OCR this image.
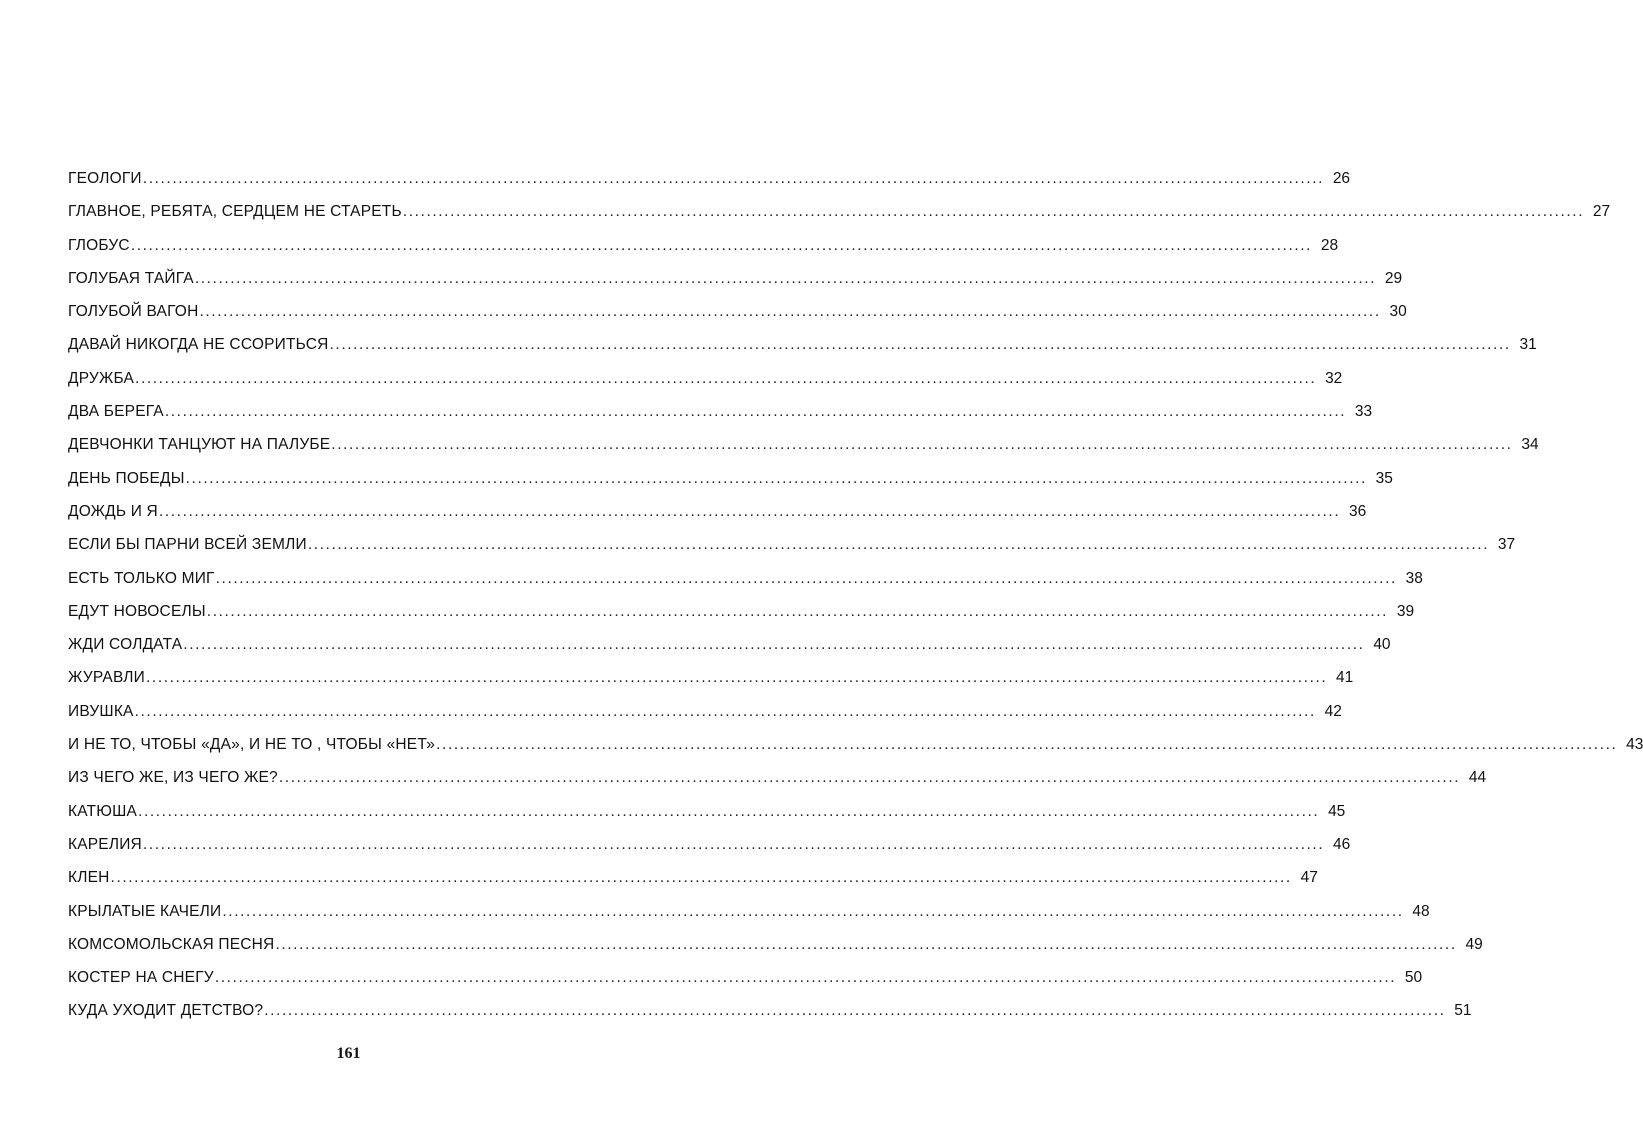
ГЕОЛОГИ ........................................................................................................................................................................................................ 26
ГЛАВНОЕ, РЕБЯТА, СЕРДЦЕМ НЕ СТАРЕТЬ ........................................................................................................................................................................................................ 27
ГЛОБУС ........................................................................................................................................................................................................ 28
ГОЛУБАЯ ТАЙГА ........................................................................................................................................................................................................ 29
ГОЛУБОЙ ВАГОН ........................................................................................................................................................................................................ 30
ДАВАЙ НИКОГДА НЕ ССОРИТЬСЯ ........................................................................................................................................................................................................ 31
ДРУЖБА ........................................................................................................................................................................................................ 32
ДВА БЕРЕГА ........................................................................................................................................................................................................ 33
ДЕВЧОНКИ ТАНЦУЮТ НА ПАЛУБЕ ........................................................................................................................................................................................................ 34
ДЕНЬ ПОБЕДЫ ........................................................................................................................................................................................................ 35
ДОЖДЬ И Я ........................................................................................................................................................................................................ 36
ЕСЛИ БЫ ПАРНИ ВСЕЙ ЗЕМЛИ ........................................................................................................................................................................................................ 37
ЕСТЬ ТОЛЬКО МИГ ........................................................................................................................................................................................................ 38
ЕДУТ НОВОСЕЛЫ ........................................................................................................................................................................................................ 39
ЖДИ СОЛДАТА ........................................................................................................................................................................................................ 40
ЖУРАВЛИ ........................................................................................................................................................................................................ 41
ИВУШКА ........................................................................................................................................................................................................ 42
И НЕ ТО, ЧТОБЫ «ДА», И НЕ ТО , ЧТОБЫ «НЕТ» ........................................................................................................................................................................................................ 43
ИЗ ЧЕГО ЖЕ, ИЗ ЧЕГО ЖЕ? ........................................................................................................................................................................................................ 44
КАТЮША ........................................................................................................................................................................................................ 45
КАРЕЛИЯ ........................................................................................................................................................................................................ 46
КЛЕН ........................................................................................................................................................................................................ 47
КРЫЛАТЫЕ КАЧЕЛИ ........................................................................................................................................................................................................ 48
КОМСОМОЛЬСКАЯ ПЕСНЯ ........................................................................................................................................................................................................ 49
КОСТЕР НА СНЕГУ ........................................................................................................................................................................................................ 50
КУДА УХОДИТ ДЕТСТВО? ........................................................................................................................................................................................................ 51
161
